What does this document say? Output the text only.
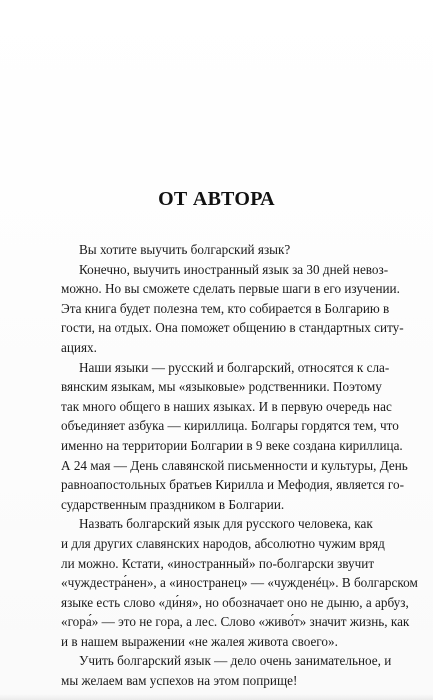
ОТ АВТОРА
Вы хотите выучить болгарский язык?
Конечно, выучить иностранный язык за 30 дней невоз-
можно. Но вы сможете сделать первые шаги в его изучении.
Эта книга будет полезна тем, кто собирается в Болгарию в
гости, на отдых. Она поможет общению в стандартных ситу-
ациях.
Наши языки — русский и болгарский, относятся к сла-
вянским языкам, мы «языковые» родственники. Поэтому
так много общего в наших языках. И в первую очередь нас
объединяет азбука — кириллица. Болгары гордятся тем, что
именно на территории Болгарии в 9 веке создана кириллица.
А 24 мая — День славянской письменности и культуры, День
равноапостольных братьев Кирилла и Мефодия, является го-
сударственным праздником в Болгарии.
Назвать болгарский язык для русского человека, как
и для других славянских народов, абсолютно чужим вряд
ли можно. Кстати, «иностранный» по-болгарски звучит
«чуждестра́нен», а «иностранец» — «чужденéц». В болгарском
языке есть слово «ди́ня», но обозначает оно не дыню, а арбуз,
«гора́» — это не гора, а лес. Слово «живо́т» значит жизнь, как
и в нашем выражении «не жалея живота своего».
Учить болгарский язык — дело очень занимательное, и
мы желаем вам успехов на этом поприще!
